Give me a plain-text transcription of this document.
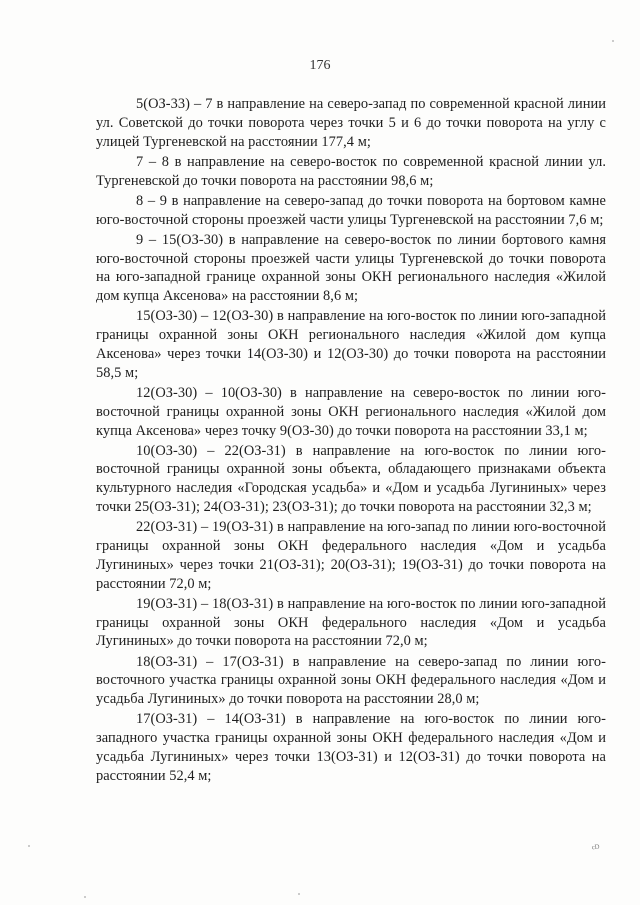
176

5(ОЗ-33) – 7 в направление на северо-запад по современной красной линии ул. Советской до точки поворота через точки 5 и 6 до точки поворота на углу с улицей Тургеневской на расстоянии 177,4 м;

7 – 8 в направление на северо-восток по современной красной линии ул. Тургеневской до точки поворота на расстоянии 98,6 м;

8 – 9 в направление на северо-запад до точки поворота на бортовом камне юго-восточной стороны проезжей части улицы Тургеневской на расстоянии 7,6 м;

9 – 15(ОЗ-30) в направление на северо-восток по линии бортового камня юго-восточной стороны проезжей части улицы Тургеневской до точки поворота на юго-западной границе охранной зоны ОКН регионального наследия «Жилой дом купца Аксенова» на расстоянии 8,6 м;

15(ОЗ-30) – 12(ОЗ-30) в направление на юго-восток по линии юго-западной границы охранной зоны ОКН регионального наследия «Жилой дом купца Аксенова» через точки 14(ОЗ-30) и 12(ОЗ-30) до точки поворота на расстоянии 58,5 м;

12(ОЗ-30) – 10(ОЗ-30) в направление на северо-восток по линии юго-восточной границы охранной зоны ОКН регионального наследия «Жилой дом купца Аксенова» через точку 9(ОЗ-30) до точки поворота на расстоянии 33,1 м;

10(ОЗ-30) – 22(ОЗ-31) в направление на юго-восток по линии юго-восточной границы охранной зоны объекта, обладающего признаками объекта культурного наследия «Городская усадьба» и «Дом и усадьба Лугининых» через точки 25(ОЗ-31); 24(ОЗ-31); 23(ОЗ-31); до точки поворота на расстоянии 32,3 м;

22(ОЗ-31) – 19(ОЗ-31) в направление на юго-запад по линии юго-восточной границы охранной зоны ОКН федерального наследия «Дом и усадьба Лугининых» через точки 21(ОЗ-31); 20(ОЗ-31); 19(ОЗ-31) до точки поворота на расстоянии 72,0 м;

19(ОЗ-31) – 18(ОЗ-31) в направление на юго-восток по линии юго-западной границы охранной зоны ОКН федерального наследия «Дом и усадьба Лугининых» до точки поворота на расстоянии 72,0 м;

18(ОЗ-31) – 17(ОЗ-31) в направление на северо-запад по линии юго-восточного участка границы охранной зоны ОКН федерального наследия «Дом и усадьба Лугининых» до точки поворота на расстоянии 28,0 м;

17(ОЗ-31) – 14(ОЗ-31) в направление на юго-восток по линии юго-западного участка границы охранной зоны ОКН федерального наследия «Дом и усадьба Лугининых» через точки 13(ОЗ-31) и 12(ОЗ-31) до точки поворота на расстоянии 52,4 м;

ᶜᴰ
